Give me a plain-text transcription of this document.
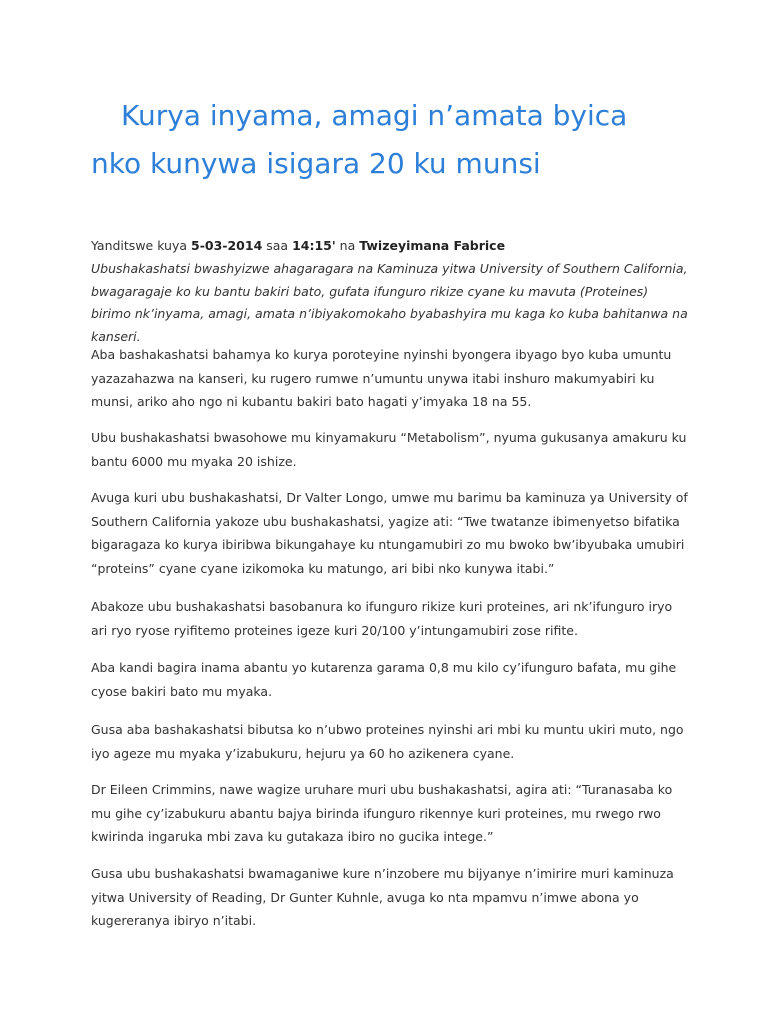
Kurya inyama, amagi n’amata byica nko kunywa isigara 20 ku munsi
Yanditswe kuya 5-03-2014 saa 14:15' na Twizeyimana Fabrice

Ubushakashatsi bwashyizwe ahagaragara na Kaminuza yitwa University of Southern California, bwagaragaje ko ku bantu bakiri bato, gufata ifunguro rikize cyane ku mavuta (Proteines) birimo nk’inyama, amagi, amata n’ibiyakomokaho byabashyira mu kaga ko kuba bahitanwa na kanseri.

Aba bashakashatsi bahamya ko kurya poroteyine nyinshi byongera ibyago byo kuba umuntu yazazahazwa na kanseri, ku rugero rumwe n’umuntu unywa itabi inshuro makumyabiri ku munsi, ariko aho ngo ni kubantu bakiri bato hagati y’imyaka 18 na 55.

Ubu bushakashatsi bwasohowe mu kinyamakuru “Metabolism”, nyuma gukusanya amakuru ku bantu 6000 mu myaka 20 ishize.

Avuga kuri ubu bushakashatsi, Dr Valter Longo, umwe mu barimu ba kaminuza ya University of Southern California yakoze ubu bushakashatsi, yagize ati: “Twe twatanze ibimenyetso bifatika bigaragaza ko kurya ibiribwa bikungahaye ku ntungamubiri zo mu bwoko bw’ibyubaka umubiri “proteins” cyane cyane izikomoka ku matungo, ari bibi nko kunywa itabi.”

Abakoze ubu bushakashatsi basobanura ko ifunguro rikize kuri proteines, ari nk’ifunguro iryo ari ryo ryose ryifitemo proteines igeze kuri 20/100 y’intungamubiri zose rifite.

Aba kandi bagira inama abantu yo kutarenza garama 0,8 mu kilo cy’ifunguro bafata, mu gihe cyose bakiri bato mu myaka.

Gusa aba bashakashatsi bibutsa ko n’ubwo proteines nyinshi ari mbi ku muntu ukiri muto, ngo iyo ageze mu myaka y’izabukuru, hejuru ya 60 ho azikenera cyane.

Dr Eileen Crimmins, nawe wagize uruhare muri ubu bushakashatsi, agira ati: “Turanasaba ko mu gihe cy’izabukuru abantu bajya birinda ifunguro rikennye kuri proteines, mu rwego rwo kwirinda ingaruka mbi zava ku gutakaza ibiro no gucika intege.”

Gusa ubu bushakashatsi bwamaganiwe kure n’inzobere mu bijyanye n’imirire muri kaminuza yitwa University of Reading, Dr Gunter Kuhnle, avuga ko nta mpamvu n’imwe abona yo kugereranya ibiryo n’itabi.
